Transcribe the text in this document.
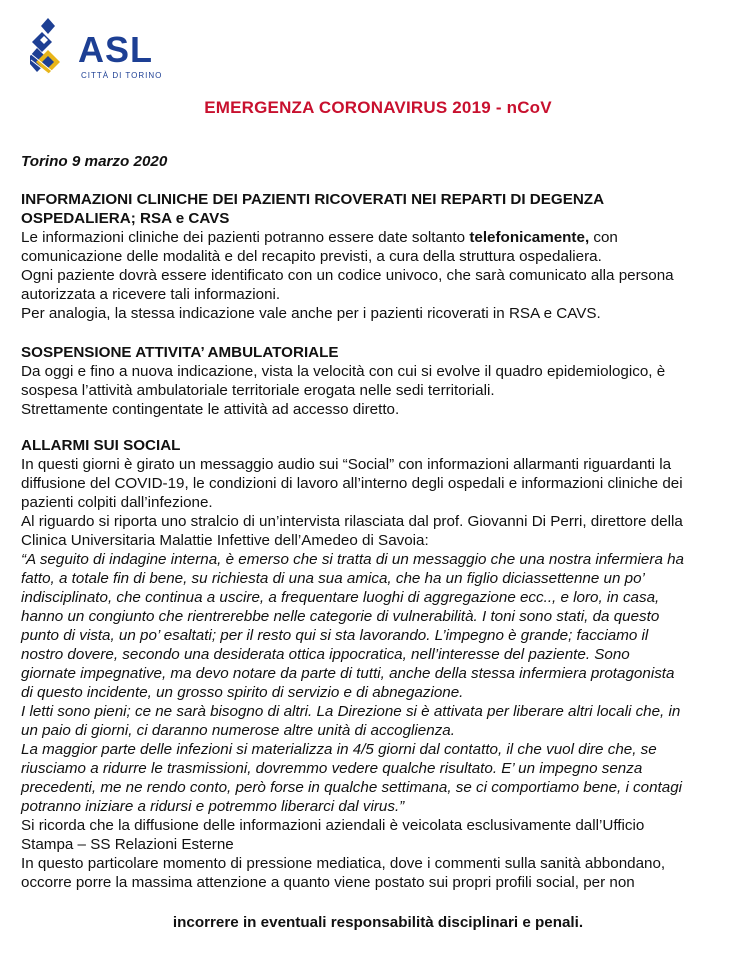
ASL
CITTÀ DI TORINO
EMERGENZA CORONAVIRUS 2019 - nCoV
Torino 9 marzo 2020
INFORMAZIONI CLINICHE DEI PAZIENTI RICOVERATI NEI REPARTI DI DEGENZA
OSPEDALIERA; RSA e CAVS
Le informazioni cliniche dei pazienti potranno essere date soltanto telefonicamente, con
comunicazione delle modalità e del recapito previsti, a cura della struttura ospedaliera.
Ogni paziente dovrà essere identificato con un codice univoco, che sarà comunicato alla persona
autorizzata a ricevere tali informazioni.
Per analogia, la stessa indicazione vale anche per i pazienti ricoverati in RSA e CAVS.
SOSPENSIONE ATTIVITA’ AMBULATORIALE
Da oggi e fino a nuova indicazione, vista la velocità con cui si evolve il quadro epidemiologico, è
sospesa l’attività ambulatoriale territoriale erogata nelle sedi territoriali.
Strettamente contingentate le attività ad accesso diretto.
ALLARMI SUI SOCIAL
In questi giorni è girato un messaggio audio sui “Social” con informazioni allarmanti riguardanti la
diffusione del COVID-19, le condizioni di lavoro all’interno degli ospedali e informazioni cliniche dei
pazienti colpiti dall’infezione.
Al riguardo si riporta uno stralcio di un’intervista rilasciata dal prof. Giovanni Di Perri, direttore della
Clinica Universitaria Malattie Infettive dell’Amedeo di Savoia:
“A seguito di indagine interna, è emerso che si tratta di un messaggio che una nostra infermiera ha
fatto, a totale fin di bene, su richiesta di una sua amica, che ha un figlio diciassettenne un po’
indisciplinato, che continua a uscire, a frequentare luoghi di aggregazione ecc.., e loro, in casa,
hanno un congiunto che rientrerebbe nelle categorie di vulnerabilità. I toni sono stati, da questo
punto di vista, un po’ esaltati; per il resto qui si sta lavorando. L’impegno è grande; facciamo il
nostro dovere, secondo una desiderata ottica ippocratica, nell’interesse del paziente. Sono
giornate impegnative, ma devo notare da parte di tutti, anche della stessa infermiera protagonista
di questo incidente, un grosso spirito di servizio e di abnegazione.
I letti sono pieni; ce ne sarà bisogno di altri. La Direzione si è attivata per liberare altri locali che, in
un paio di giorni, ci daranno numerose altre unità di accoglienza.
La maggior parte delle infezioni si materializza in 4/5 giorni dal contatto, il che vuol dire che, se
riusciamo a ridurre le trasmissioni, dovremmo vedere qualche risultato. E’ un impegno senza
precedenti, me ne rendo conto, però forse in qualche settimana, se ci comportiamo bene, i contagi
potranno iniziare a ridursi e potremmo liberarci dal virus.”
Si ricorda che la diffusione delle informazioni aziendali è veicolata esclusivamente dall’Ufficio
Stampa – SS Relazioni Esterne
In questo particolare momento di pressione mediatica, dove i commenti sulla sanità abbondano,
occorre porre la massima attenzione a quanto viene postato sui propri profili social, per non
incorrere in eventuali responsabilità disciplinari e penali.
